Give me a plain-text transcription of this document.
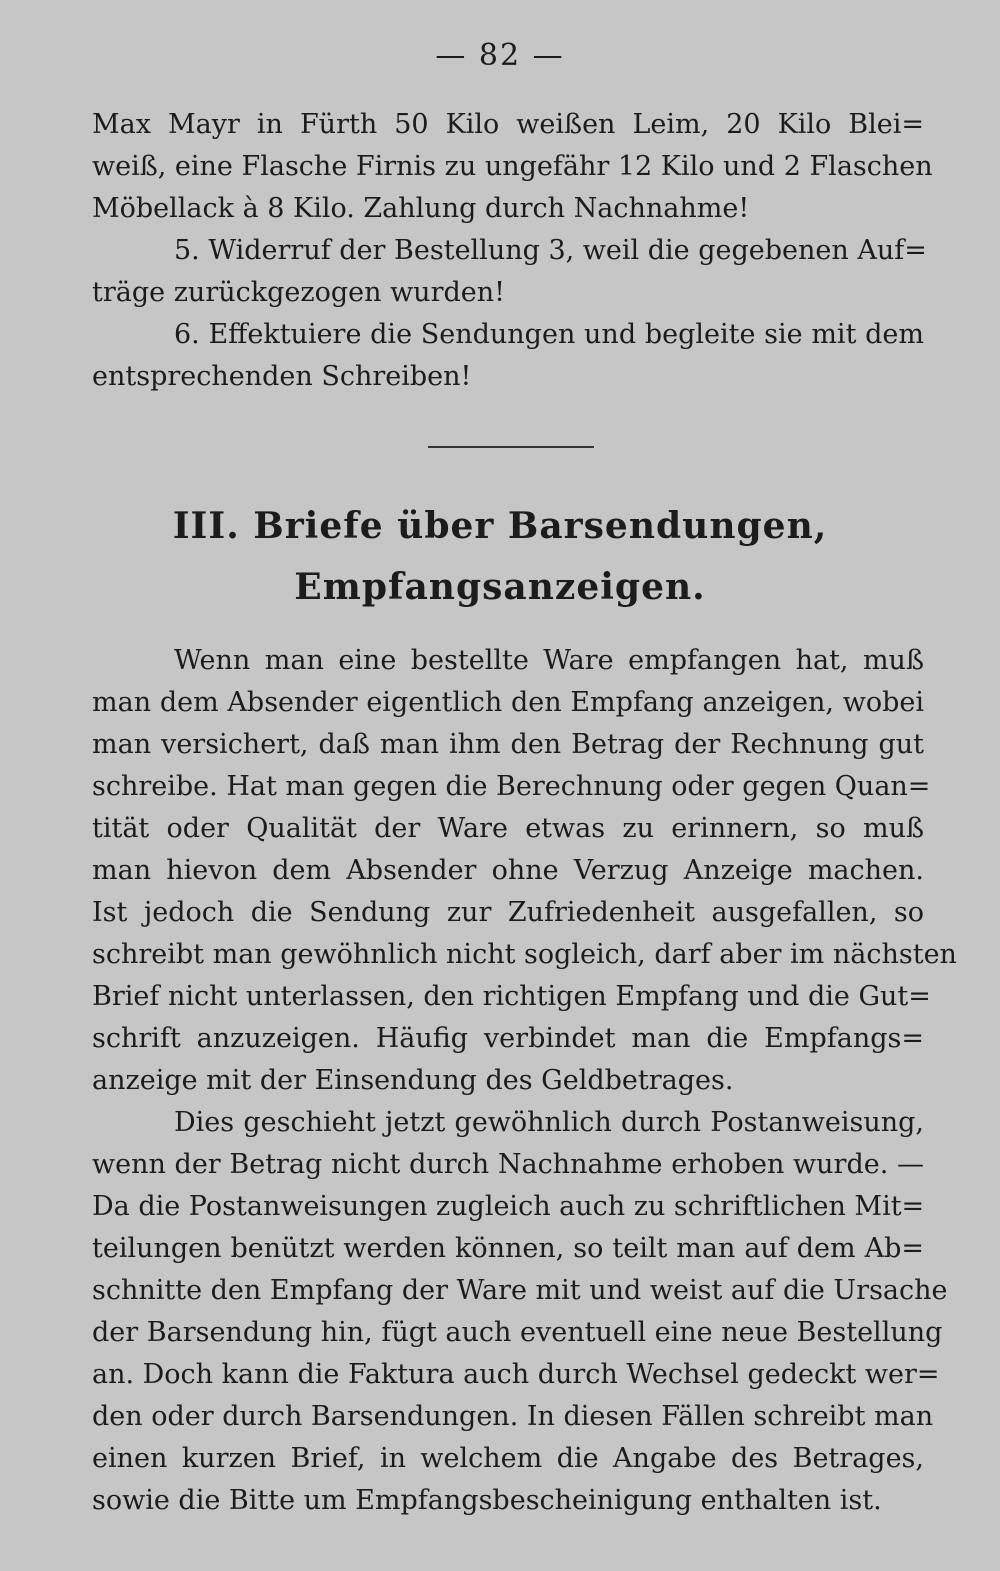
— 82 —
Max Mayr in Fürth 50 Kilo weißen Leim, 20 Kilo Blei=
weiß, eine Flasche Firnis zu ungefähr 12 Kilo und 2 Flaschen
Möbellack à 8 Kilo. Zahlung durch Nachnahme!
5. Widerruf der Bestellung 3, weil die gegebenen Auf=
träge zurückgezogen wurden!
6. Effektuiere die Sendungen und begleite sie mit dem
entsprechenden Schreiben!
III. Briefe über Barsendungen,
Empfangsanzeigen.
Wenn man eine bestellte Ware empfangen hat, muß
man dem Absender eigentlich den Empfang anzeigen, wobei
man versichert, daß man ihm den Betrag der Rechnung gut
schreibe. Hat man gegen die Berechnung oder gegen Quan=
tität oder Qualität der Ware etwas zu erinnern, so muß
man hievon dem Absender ohne Verzug Anzeige machen.
Ist jedoch die Sendung zur Zufriedenheit ausgefallen, so
schreibt man gewöhnlich nicht sogleich, darf aber im nächsten
Brief nicht unterlassen, den richtigen Empfang und die Gut=
schrift anzuzeigen. Häufig verbindet man die Empfangs=
anzeige mit der Einsendung des Geldbetrages.
Dies geschieht jetzt gewöhnlich durch Postanweisung,
wenn der Betrag nicht durch Nachnahme erhoben wurde. —
Da die Postanweisungen zugleich auch zu schriftlichen Mit=
teilungen benützt werden können, so teilt man auf dem Ab=
schnitte den Empfang der Ware mit und weist auf die Ursache
der Barsendung hin, fügt auch eventuell eine neue Bestellung
an. Doch kann die Faktura auch durch Wechsel gedeckt wer=
den oder durch Barsendungen. In diesen Fällen schreibt man
einen kurzen Brief, in welchem die Angabe des Betrages,
sowie die Bitte um Empfangsbescheinigung enthalten ist.
